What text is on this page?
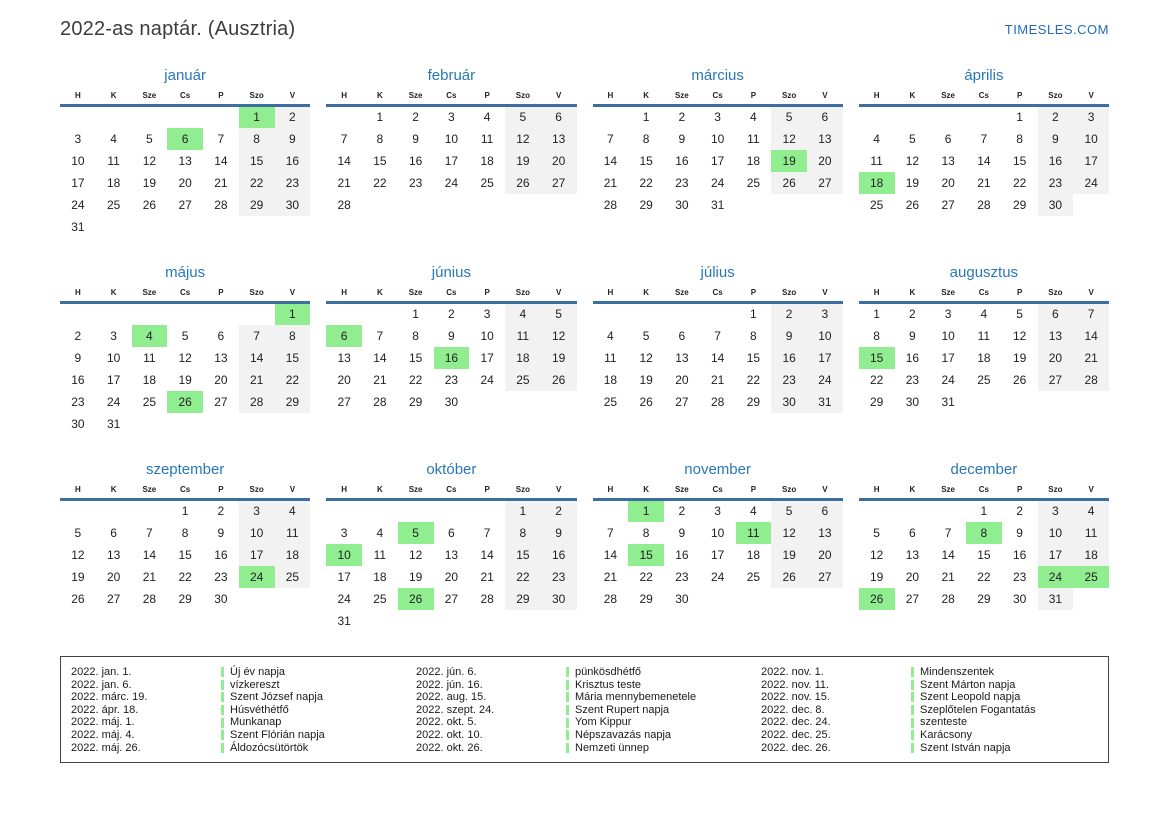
2022-as naptár. (Ausztria)	TIMESLES.COM
január
H	K	Sze	Cs	P	Szo	V
					1	2
3	4	5	6	7	8	9
10	11	12	13	14	15	16
17	18	19	20	21	22	23
24	25	26	27	28	29	30
31						
február
H	K	Sze	Cs	P	Szo	V
	1	2	3	4	5	6
7	8	9	10	11	12	13
14	15	16	17	18	19	20
21	22	23	24	25	26	27
28						
március
H	K	Sze	Cs	P	Szo	V
	1	2	3	4	5	6
7	8	9	10	11	12	13
14	15	16	17	18	19	20
21	22	23	24	25	26	27
28	29	30	31			
április
H	K	Sze	Cs	P	Szo	V
				1	2	3
4	5	6	7	8	9	10
11	12	13	14	15	16	17
18	19	20	21	22	23	24
25	26	27	28	29	30	
május
H	K	Sze	Cs	P	Szo	V
						1
2	3	4	5	6	7	8
9	10	11	12	13	14	15
16	17	18	19	20	21	22
23	24	25	26	27	28	29
30	31					
június
H	K	Sze	Cs	P	Szo	V
		1	2	3	4	5
6	7	8	9	10	11	12
13	14	15	16	17	18	19
20	21	22	23	24	25	26
27	28	29	30			
július
H	K	Sze	Cs	P	Szo	V
				1	2	3
4	5	6	7	8	9	10
11	12	13	14	15	16	17
18	19	20	21	22	23	24
25	26	27	28	29	30	31
augusztus
H	K	Sze	Cs	P	Szo	V
1	2	3	4	5	6	7
8	9	10	11	12	13	14
15	16	17	18	19	20	21
22	23	24	25	26	27	28
29	30	31				
szeptember
H	K	Sze	Cs	P	Szo	V
			1	2	3	4
5	6	7	8	9	10	11
12	13	14	15	16	17	18
19	20	21	22	23	24	25
26	27	28	29	30		
október
H	K	Sze	Cs	P	Szo	V
					1	2
3	4	5	6	7	8	9
10	11	12	13	14	15	16
17	18	19	20	21	22	23
24	25	26	27	28	29	30
31						
november
H	K	Sze	Cs	P	Szo	V
	1	2	3	4	5	6
7	8	9	10	11	12	13
14	15	16	17	18	19	20
21	22	23	24	25	26	27
28	29	30				
december
H	K	Sze	Cs	P	Szo	V
			1	2	3	4
5	6	7	8	9	10	11
12	13	14	15	16	17	18
19	20	21	22	23	24	25
26	27	28	29	30	31	
2022. jan. 1.	Új év napja
2022. jan. 6.	vízkereszt
2022. márc. 19.	Szent József napja
2022. ápr. 18.	Húsvéthétfő
2022. máj. 1.	Munkanap
2022. máj. 4.	Szent Flórián napja
2022. máj. 26.	Áldozócsütörtök
2022. jún. 6.	pünkösdhétfő
2022. jún. 16.	Krisztus teste
2022. aug. 15.	Mária mennybemenetele
2022. szept. 24.	Szent Rupert napja
2022. okt. 5.	Yom Kippur
2022. okt. 10.	Népszavazás napja
2022. okt. 26.	Nemzeti ünnep
2022. nov. 1.	Mindenszentek
2022. nov. 11.	Szent Márton napja
2022. nov. 15.	Szent Leopold napja
2022. dec. 8.	Szeplőtelen Fogantatás
2022. dec. 24.	szenteste
2022. dec. 25.	Karácsony
2022. dec. 26.	Szent István napja
